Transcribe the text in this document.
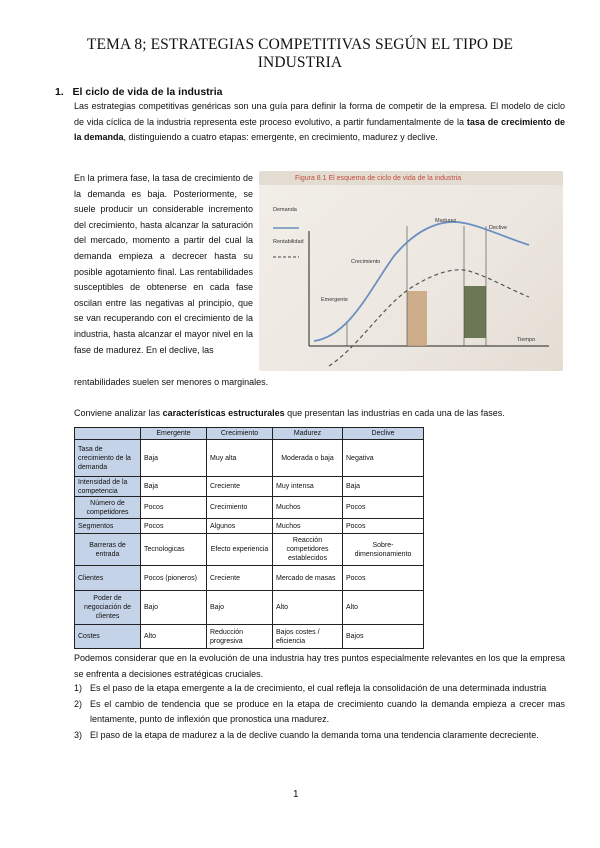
TEMA 8; ESTRATEGIAS COMPETITIVAS SEGÚN EL TIPO DE INDUSTRIA
1. El ciclo de vida de la industria
Las estrategias competitivas genéricas son una guía para definir la forma de competir de la empresa. El modelo de ciclo de vida cíclica de la industria representa este proceso evolutivo, a partir fundamentalmente de la tasa de crecimiento de la demanda, distinguiendo a cuatro etapas: emergente, en crecimiento, madurez y declive.
En la primera fase, la tasa de crecimiento de la demanda es baja. Posteriormente, se suele producir un considerable incremento del crecimiento, hasta alcanzar la saturación del mercado, momento a partir del cual la demanda empieza a decrecer hasta su posible agotamiento final. Las rentabilidades susceptibles de obtenerse en cada fase oscilan entre las negativas al principio, que se van recuperando con el crecimiento de la industria, hasta alcanzar el mayor nivel en la fase de madurez. En el declive, las
rentabilidades suelen ser menores o marginales.
Figura 8.1 El esquema de ciclo de vida de la industria
Demanda
Rentabilidad
Emergente
Crecimiento
Madurez
Declive
Tiempo
Conviene analizar las características estructurales que presentan las industrias en cada una de las fases.
	Emergente	Crecimiento	Madurez	Declive
Tasa de crecimiento de la demanda	Baja	Muy alta	Moderada o baja	Negativa
Intensidad de la competencia	Baja	Creciente	Muy intensa	Baja
Número de competidores	Pocos	Crecimiento	Muchos	Pocos
Segmentos	Pocos	Algunos	Muchos	Pocos
Barreras de entrada	Tecnologicas	Efecto experiencia	Reacción competidores establecidos	Sobre-dimensionamiento
Clientes	Pocos (pioneros)	Creciente	Mercado de masas	Pocos
Poder de negociación de clientes	Bajo	Bajo	Alto	Alto
Costes	Alto	Reducción progresiva	Bajos costes / eficiencia	Bajos
Podemos considerar que en la evolución de una industria hay tres puntos especialmente relevantes en los que la empresa se enfrenta a decisiones estratégicas cruciales.
1) Es el paso de la etapa emergente a la de crecimiento, el cual refleja la consolidación de una determinada industria
2) Es el cambio de tendencia que se produce en la etapa de crecimiento cuando la demanda empieza a crecer mas lentamente, punto de inflexión que pronostica una madurez.
3) El paso de la etapa de madurez a la de declive cuando la demanda toma una tendencia claramente decreciente.
1
